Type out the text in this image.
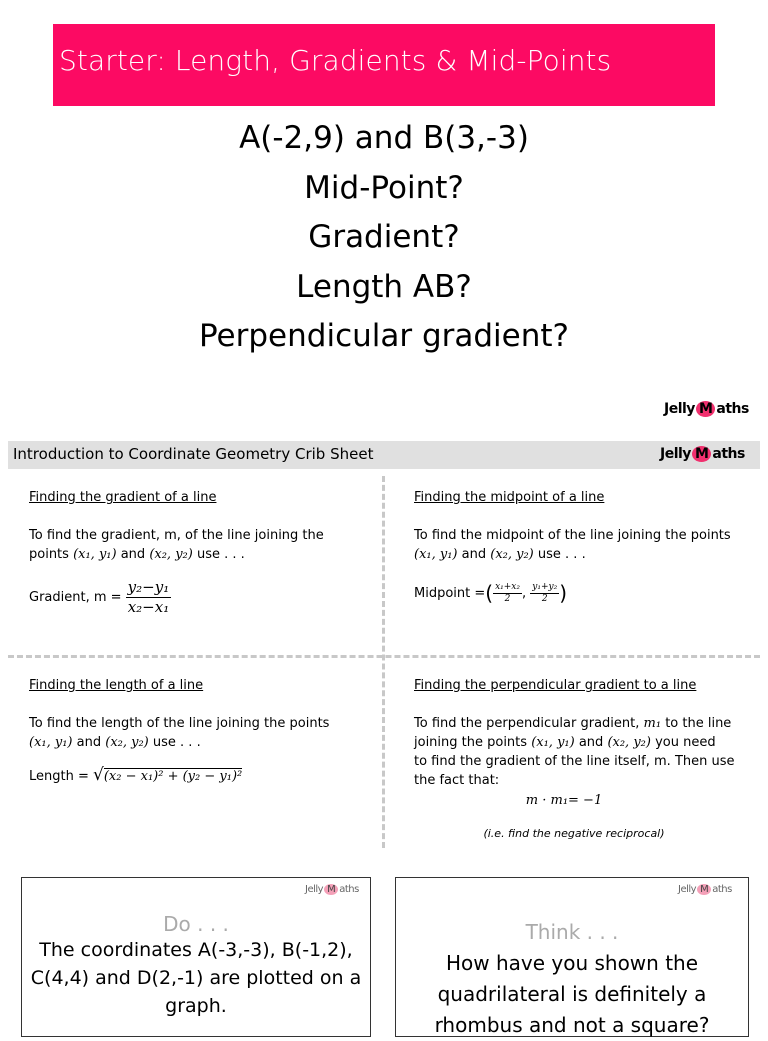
Starter: Length, Gradients & Mid-Points
A(-2,9) and B(3,-3)
Mid-Point?
Gradient?
Length AB?
Perpendicular gradient?
Jelly M aths
Introduction to Coordinate Geometry Crib Sheet	Jelly M aths
Finding the gradient of a line
To find the gradient, m, of the line joining the
points (x₁, y₁) and (x₂, y₂) use . . .
Gradient, $m = \frac{\text{y₂−y₁}}{\text{x₂−x₁}}$
Finding the midpoint of a line
To find the midpoint of the line joining the points
(x₁, y₁) and (x₂, y₂) use . . .
Midpoint =( $\frac{\text{x₁+x₂}}{2}$ , $\frac{\text{y₁+y₂}}{2}$ )
Finding the length of a line
To find the length of the line joining the points
(x₁, y₁) and (x₂, y₂) use . . .
Length = √(x₂ − x₁)² + (y₂ − y₁)²
Finding the perpendicular gradient to a line
To find the perpendicular gradient, m₁ to the line
joining the points (x₁, y₁) and (x₂, y₂) you need
to find the gradient of the line itself, m. Then use
the fact that:
m · m₁= −1
(i.e. find the negative reciprocal)
Jelly M aths
Do . . .
The coordinates A(-3,-3), B(-1,2),
C(4,4) and D(2,-1) are plotted on a
graph.
Jelly M aths
Think . . .
How have you shown the
quadrilateral is definitely a
rhombus and not a square?
